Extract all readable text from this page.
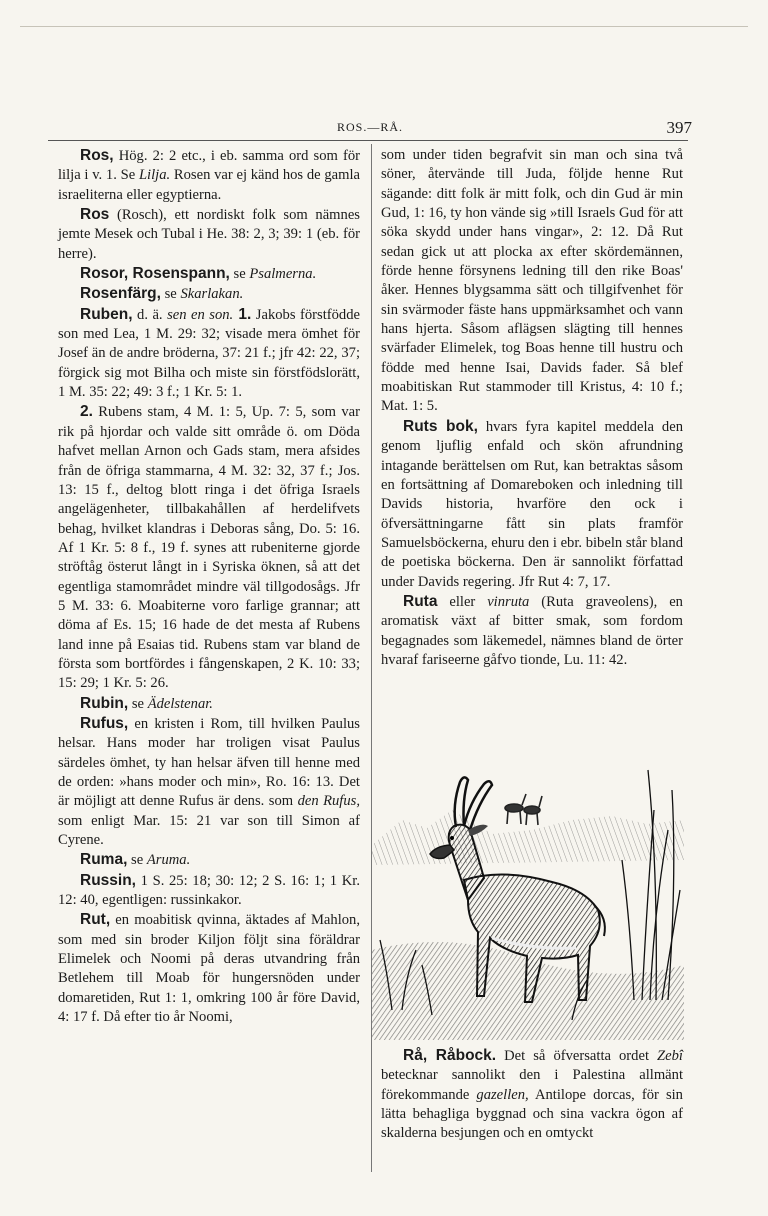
ROS.—RÅ.	397

Ros, Hög. 2: 2 etc., i eb. samma ord som för lilja i v. 1. Se Lilja. Rosen var ej känd hos de gamla israeliterna eller egyptierna.

Ros (Rosch), ett nordiskt folk som nämnes jemte Mesek och Tubal i He. 38: 2, 3; 39: 1 (eb. för herre).

Rosor, Rosenspann, se Psalmerna.

Rosenfärg, se Skarlakan.

Ruben, d. ä. sen en son. 1. Jakobs förstfödde son med Lea, 1 M. 29: 32; visade mera ömhet för Josef än de andre bröderna, 37: 21 f.; jfr 42: 22, 37; förgick sig mot Bilha och miste sin förstfödslorätt, 1 M. 35: 22; 49: 3 f.; 1 Kr. 5: 1.

2. Rubens stam, 4 M. 1: 5, Up. 7: 5, som var rik på hjordar och valde sitt område ö. om Döda hafvet mellan Arnon och Gads stam, mera afsides från de öfriga stammarna, 4 M. 32: 32, 37 f.; Jos. 13: 15 f., deltog blott ringa i det öfriga Israels angelägenheter, tillbakahållen af herdelifvets behag, hvilket klandras i Deboras sång, Do. 5: 16. Af 1 Kr. 5: 8 f., 19 f. synes att rubeniterne gjorde ströftåg österut långt in i Syriska öknen, så att det egentliga stamområdet mindre väl tillgodosågs. Jfr 5 M. 33: 6. Moabiterne voro farlige grannar; att döma af Es. 15; 16 hade de det mesta af Rubens land inne på Esaias tid. Rubens stam var bland de första som bortfördes i fångenskapen, 2 K. 10: 33; 15: 29; 1 Kr. 5: 26.

Rubin, se Ädelstenar.

Rufus, en kristen i Rom, till hvilken Paulus helsar. Hans moder har troligen visat Paulus särdeles ömhet, ty han helsar äfven till henne med de orden: »hans moder och min», Ro. 16: 13. Det är möjligt att denne Rufus är dens. som den Rufus, som enligt Mar. 15: 21 var son till Simon af Cyrene.

Ruma, se Aruma.

Russin, 1 S. 25: 18; 30: 12; 2 S. 16: 1; 1 Kr. 12: 40, egentligen: russinkakor.

Rut, en moabitisk qvinna, äktades af Mahlon, som med sin broder Kiljon följt sina föräldrar Elimelek och Noomi på deras utvandring från Betlehem till Moab för hungersnöden under domaretiden, Rut 1: 1, omkring 100 år före David, 4: 17 f. Då efter tio år Noomi,

som under tiden begrafvit sin man och sina två söner, återvände till Juda, följde henne Rut sägande: ditt folk är mitt folk, och din Gud är min Gud, 1: 16, ty hon vände sig »till Israels Gud för att söka skydd under hans vingar», 2: 12. Då Rut sedan gick ut att plocka ax efter skördemännen, förde henne försynens ledning till den rike Boas' åker. Hennes blygsamma sätt och tillgifvenhet för sin svärmoder fäste hans uppmärksamhet och vann hans hjerta. Såsom aflägsen slägting till hennes svärfader Elimelek, tog Boas henne till hustru och födde med henne Isai, Davids fader. Så blef moabitiskan Rut stammoder till Kristus, 4: 10 f.; Mat. 1: 5.

Ruts bok, hvars fyra kapitel meddela den genom ljuflig enfald och skön afrundning intagande berättelsen om Rut, kan betraktas såsom en fortsättning af Domareboken och inledning till Davids historia, hvarföre den ock i öfversättningarne fått sin plats framför Samuelsböckerna, ehuru den i ebr. bibeln står bland de poetiska böckerna. Den är sannolikt författad under Davids regering. Jfr Rut 4: 7, 17.

Ruta eller vinruta (Ruta graveolens), en aromatisk växt af bitter smak, som fordom begagnades som läkemedel, nämnes bland de örter hvaraf fariseerne gåfvo tionde, Lu. 11: 42.

Rå, Råbock. Det så öfversatta ordet Zebî betecknar sannolikt den i Palestina allmänt förekommande gazellen, Antilope dorcas, för sin lätta behagliga byggnad och sina vackra ögon af skalderna besjungen och en omtyckt
